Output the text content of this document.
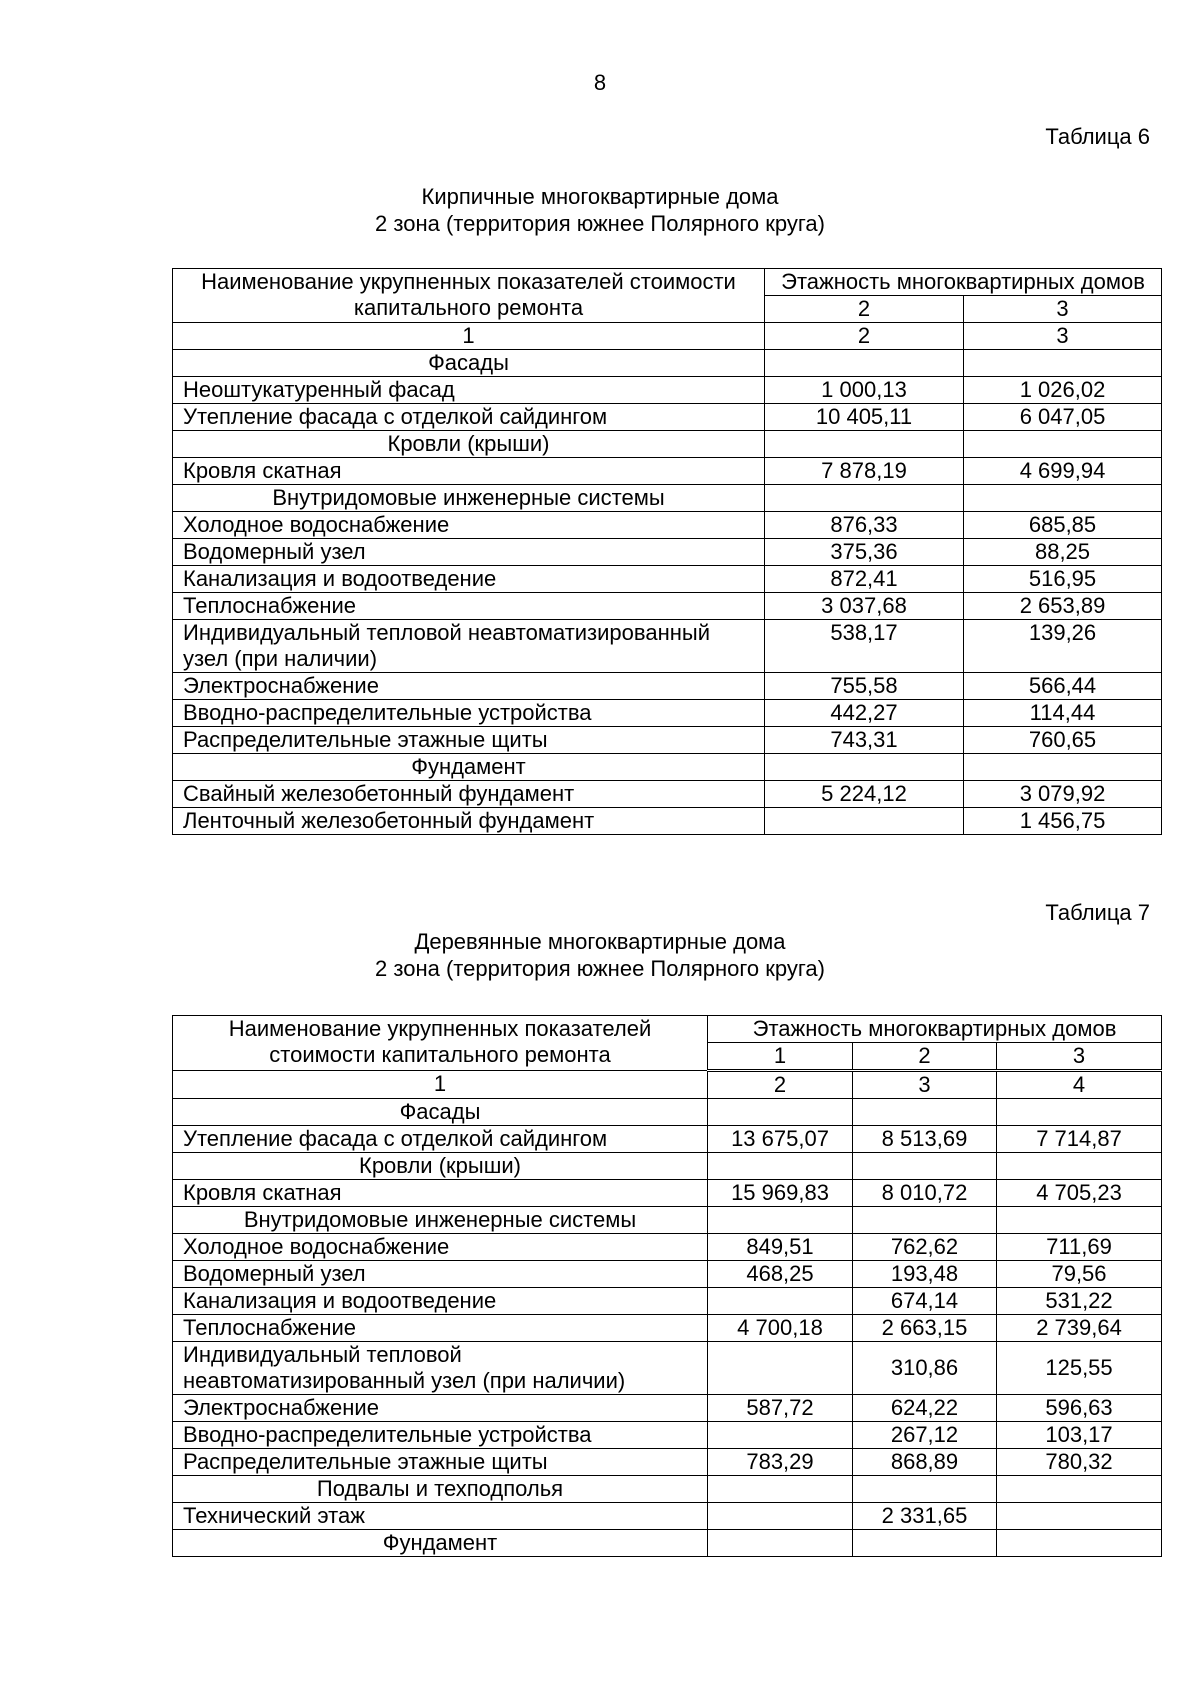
8
Таблица 6
Кирпичные многоквартирные дома
2 зона (территория южнее Полярного круга)
Наименование укрупненных показателей стоимости капитального ремонта	Этажность многоквартирных домов	
	2	3
1	2	3
Фасады		
Неоштукатуренный фасад	1 000,13	1 026,02
Утепление фасада с отделкой сайдингом	10 405,11	6 047,05
Кровли (крыши)		
Кровля скатная	7 878,19	4 699,94
Внутридомовые инженерные системы		
Холодное водоснабжение	876,33	685,85
Водомерный узел	375,36	88,25
Канализация и водоотведение	872,41	516,95
Теплоснабжение	3 037,68	2 653,89
Индивидуальный тепловой неавтоматизированный узел (при наличии)	538,17	139,26
Электроснабжение	755,58	566,44
Вводно-распределительные устройства	442,27	114,44
Распределительные этажные щиты	743,31	760,65
Фундамент		
Свайный железобетонный фундамент	5 224,12	3 079,92
Ленточный железобетонный фундамент		1 456,75
Таблица 7
Деревянные многоквартирные дома
2 зона (территория южнее Полярного круга)
Наименование укрупненных показателей стоимости капитального ремонта	Этажность многоквартирных домов		
	1	2	3
1	2	3	4
Фасады			
Утепление фасада с отделкой сайдингом	13 675,07	8 513,69	7 714,87
Кровли (крыши)			
Кровля скатная	15 969,83	8 010,72	4 705,23
Внутридомовые инженерные системы			
Холодное водоснабжение	849,51	762,62	711,69
Водомерный узел	468,25	193,48	79,56
Канализация и водоотведение		674,14	531,22
Теплоснабжение	4 700,18	2 663,15	2 739,64
Индивидуальный тепловой неавтоматизированный узел (при наличии)		310,86	125,55
Электроснабжение	587,72	624,22	596,63
Вводно-распределительные устройства		267,12	103,17
Распределительные этажные щиты	783,29	868,89	780,32
Подвалы и техподполья			
Технический этаж		2 331,65	
Фундамент			
